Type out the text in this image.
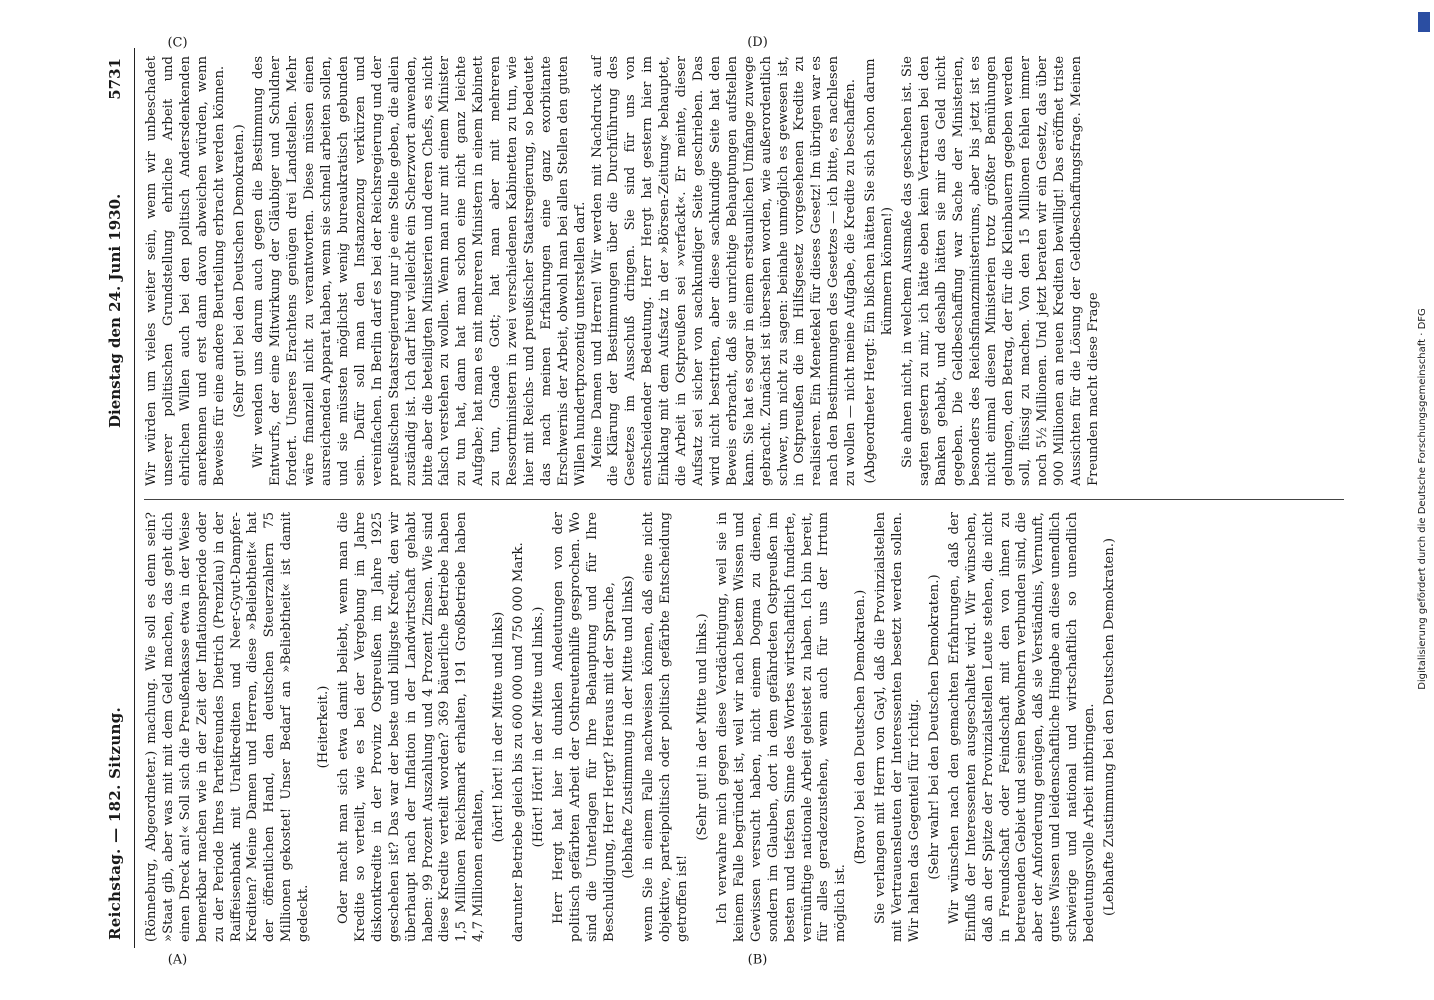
Reichstag. — 182. Sitzung.
Dienstag den 24. Juni 1930.
5731

(Rönneburg, Abgeordneter.) machung. Wie soll es denn sein? »Staat gib, aber was mit mit dem Geld machen, das geht dich einen Dreck an!« Soll sich die Preußenkasse etwa in der Weise bemerkbar machen wie in der Zeit der Inflationsperiode oder zu der Periode Ihres Parteifreundes Dietrich (Prenzlau) in der Raiffeisenbank mit Uraltkrediten und Neer-Gyut-Dampfer-Krediten? Meine Damen und Herren, diese »Beliebtheit« hat der öffentlichen Hand, den deutschen Steuerzahlern 75 Millionen gekostet! Unser Bedarf an »Beliebtheit« ist damit gedeckt.

(Heiterkeit.) Oder macht man sich etwa damit beliebt, wenn man die Kredite so verteilt, wie es bei der Vergebung im Jahre diskontkredite in der Provinz Ostpreußen im Jahre 1925 geschehen ist? Das war der beste und billigste Kredit, den wir überhaupt nach der Inflation in der Landwirtschaft gehabt haben: 99 Prozent Auszahlung und 4 Prozent Zinsen. Wie sind diese Kredite verteilt worden? 369 bäuerliche Betriebe haben 1,5 Millionen Reichsmark erhalten, 191 Großbetriebe haben 4,7 Millionen erhalten,

(hört! hört! in der Mitte und links) darunter Betriebe gleich bis zu 600 000 und 750 000 Mark. (Hört! Hört! in der Mitte und links.) Herr Hergt hat hier in dunklen Andeutungen von der politisch gefärbten Arbeit der Osthreutenhilfe gesprochen. Wo sind die Unterlagen für Ihre Behauptung und für Ihre Beschuldigung, Herr Hergt? Heraus mit der Sprache, (lebhafte Zustimmung in der Mitte und links) wenn Sie in einem Falle nachweisen können, daß eine nicht objektive, parteipolitisch oder politisch gefärbte Entscheidung getroffen ist!

(Sehr gut! in der Mitte und links.) Ich verwahre mich gegen diese Verdächtigung, weil sie in keinem Falle begründet ist, weil wir nach bestem Wissen und Gewissen versucht haben, nicht einem Dogma zu dienen, sondern im Glauben, dort in dem gefährdeten Ostpreußen im besten und tiefsten Sinne des Wortes wirtschaftlich fundierte, vernünftige nationale Arbeit geleistet zu haben. Ich bin bereit, für alles geradezustehen, wenn auch für uns der Irrtum möglich ist.

(Bravo! bei den Deutschen Demokraten.) Sie verlangen mit Herrn von Gayl, daß die Provinzialstellen mit Vertrauensleuten der Interessenten besetzt werden sollen. Wir halten das Gegenteil für richtig. (Sehr wahr! bei den Deutschen Demokraten.) Wir wünschen nach den gemachten Erfahrungen, daß der Einfluß der Interessenten ausgeschaltet wird. Wir wünschen, daß an der Spitze der Provinzialstellen Leute stehen, die nicht in Freundschaft oder Feindschaft mit den von ihnen zu betreuenden Gebiet und seinen Bewohnern verbunden sind, die aber der Anforderung genügen, daß sie Verständnis, Vernunft, gutes Wissen und leidenschaftliche Hingabe an diese unendlich schwierige und national und wirtschaftlich so unendlich bedeutungsvolle Arbeit mitbringen. (Lebhafte Zustimmung bei den Deutschen Demokraten.)

Wir würden um vieles weiter sein, wenn wir unbeschadet unserer politischen Grundstellung ehrliche Arbeit und ehrlichen Willen auch bei den politisch Andersdenkenden anerkennen und erst dann davon abweichen würden, wenn Beweise für eine andere Beurteilung erbracht werden können. (Sehr gut! bei den Deutschen Demokraten.) Wir wenden uns darum auch gegen die Bestimmung des Entwurfs, der eine Mitwirkung der Gläubiger und Schuldner fordert. Unseres Erachtens genügen drei Landstellen. Mehr wäre finanziell nicht zu verantworten. Diese müssen einen ausreichenden Apparat haben, wenn sie schnell arbeiten sollen, und sie müssten möglichst wenig bureaukratisch gebunden sein. Dafür soll man den Instanzenzug verkürzen und vereinfachen. In Berlin darf es bei der Reichsregierung und der preußischen Staatsregierung nur je eine Stelle geben, die allein zuständig ist. Ich darf hier vielleicht ein Scherzwort anwenden, bitte aber die beteiligten Ministerien und deren Chefs, es nicht falsch verstehen zu wollen. Wenn man nur mit einem Minister zu tun hat, dann hat man schon eine nicht ganz leichte Aufgabe; hat man es mit mehreren Ministern in einem Kabinett zu tun, Gnade Gott; hat man aber mit mehreren Ressortministern in zwei verschiedenen Kabinetten zu tun, wie hier mit Reichs- und preußischer Staatsregierung, so bedeutet das nach meinen Erfahrungen eine ganz exorbitante Erschwernis der Arbeit, obwohl man bei allen Stellen den guten Willen hundertprozentig unterstellen darf. Meine Damen und Herren! Wir werden mit Nachdruck auf die Klärung der Bestimmungen über die Durchführung des Gesetzes im Ausschuß dringen. Sie sind für uns von entscheidender Bedeutung. Herr Hergt hat gestern hier im Einklang mit dem Aufsatz in der »Börsen-Zeitung« behauptet, die Arbeit in Ostpreußen sei »verfackt«. Er meinte, dieser Aufsatz sei sicher von sachkundiger Seite geschrieben. Das wird nicht bestritten, aber diese sachkundige Seite hat den Beweis erbracht, daß sie unrichtige Behauptungen aufstellen kann. Sie hat es sogar in einem erstaunlichen Umfange zuwege gebracht. Zunächst ist übersehen worden, wie außerordentlich schwer, um nicht zu sagen: beinahe unmöglich es gewesen ist, in Ostpreußen die im Hilfsgesetz vorgesehenen Kredite zu realisieren. Ein Menetekel für dieses Gesetz! Im übrigen war es nach den Bestimmungen des Gesetzes — ich bitte, es nachlesen zu wollen — nicht meine Aufgabe, die Kredite zu beschaffen. (Abgeordneter Hergt: Ein bißchen hätten Sie sich schon darum kümmern können!) Sie ahnen nicht, in welchem Ausmaße das geschehen ist. Sie sagten gestern zu mir, ich hätte eben kein Vertrauen bei den Banken gehabt, und deshalb hätten sie mir das Geld nicht gegeben. Die Geldbeschaffung war Sache der Ministerien, besonders des Reichsfinanzministeriums, aber bis jetzt ist es nicht einmal diesen Ministerien trotz größter Bemühungen gelungen, den Betrag, der für die Kleinbauern gegeben werden soll, flüssig zu machen. Von den 15 Millionen fehlen immer noch 5½ Millionen. Und jetzt beraten wir ein Gesetz, das über 900 Millionen an neuen Krediten bewilligt! Das eröffnet triste Aussichten für die Lösung der Geldbeschaffungsfrage. Meinen Freunden macht diese Frage

(A)	(B)
(C)	(D)
Digitalisierung gefördert durch die Deutsche Forschungsgemeinschaft · DFG
